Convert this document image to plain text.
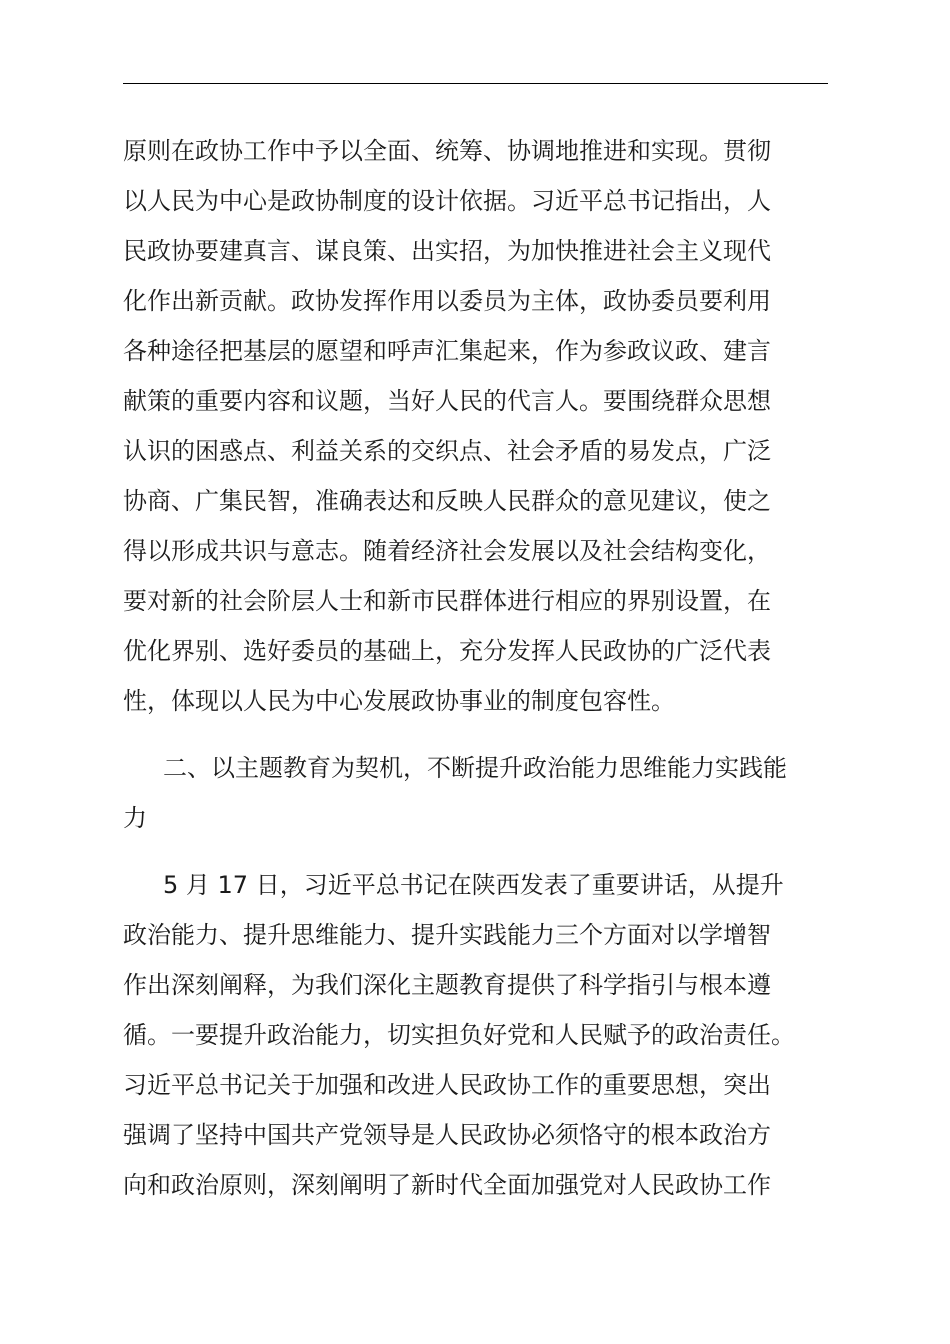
原则在政协工作中予以全面、统筹、协调地推进和实现。贯彻
以人民为中心是政协制度的设计依据。习近平总书记指出，人
民政协要建真言、谋良策、出实招，为加快推进社会主义现代
化作出新贡献。政协发挥作用以委员为主体，政协委员要利用
各种途径把基层的愿望和呼声汇集起来，作为参政议政、建言
献策的重要内容和议题，当好人民的代言人。要围绕群众思想
认识的困惑点、利益关系的交织点、社会矛盾的易发点，广泛
协商、广集民智，准确表达和反映人民群众的意见建议，使之
得以形成共识与意志。随着经济社会发展以及社会结构变化，
要对新的社会阶层人士和新市民群体进行相应的界别设置，在
优化界别、选好委员的基础上，充分发挥人民政协的广泛代表
性，体现以人民为中心发展政协事业的制度包容性。
二、以主题教育为契机，不断提升政治能力思维能力实践能
力
5 月 17 日，习近平总书记在陕西发表了重要讲话，从提升
政治能力、提升思维能力、提升实践能力三个方面对以学增智
作出深刻阐释，为我们深化主题教育提供了科学指引与根本遵
循。一要提升政治能力，切实担负好党和人民赋予的政治责任。
习近平总书记关于加强和改进人民政协工作的重要思想，突出
强调了坚持中国共产党领导是人民政协必须恪守的根本政治方
向和政治原则，深刻阐明了新时代全面加强党对人民政协工作
